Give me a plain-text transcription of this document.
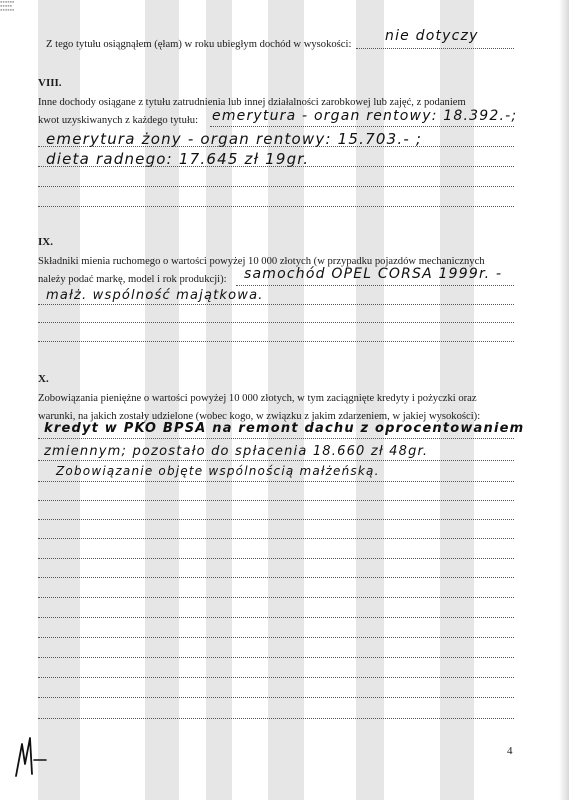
▪▪▪▪▪▪
▪▪▪▪▪
▪▪▪▪▪▪
Z tego tytułu osiągnąłem (ęłam) w roku ubiegłym dochód w wysokości:
nie dotyczy
VIII.
Inne dochody osiągane z tytułu zatrudnienia lub innej działalności zarobkowej lub zajęć, z podaniem
kwot uzyskiwanych z każdego tytułu: emerytura - organ rentowy: 18.392.-;
emerytura żony - organ rentowy: 15.703.- ;
dieta radnego: 17.645 zł 19gr.
IX.
Składniki mienia ruchomego o wartości powyżej 10 000 złotych (w przypadku pojazdów mechanicznych
należy podać markę, model i rok produkcji): samochód OPEL CORSA 1999r. -
małż. wspólność majątkowa.
X.
Zobowiązania pieniężne o wartości powyżej 10 000 złotych, w tym zaciągnięte kredyty i pożyczki oraz
warunki, na jakich zostały udzielone (wobec kogo, w związku z jakim zdarzeniem, w jakiej wysokości):
kredyt w PKO BPSA na remont dachu z oprocentowaniem
zmiennym; pozostało do spłacenia 18.660 zł 48gr.
Zobowiązanie objęte wspólnością małżeńską.
4
